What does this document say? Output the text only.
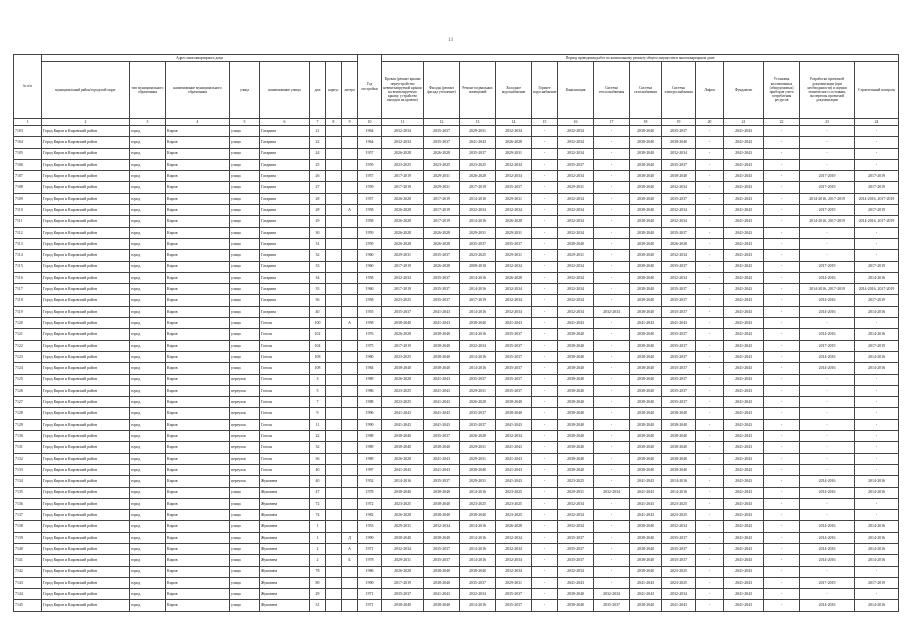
13
№ п/п	Адрес многоквартирного дома								Год постройки	Период проведения работ по капитальному ремонту общего имущества в многоквартирном доме													
	муниципальный район/городской округ	тип муниципального образования	наименование муниципального образования	улица	наименование улицы	дом	корпус	литера		Кровля (ремонт крыши переустройство невентилируемой крыши на вентилируемую крышу, устройство выходов на кровлю)	Фасады (ремонт фасада утепление)	Ремонт подвальных помещений	Холодное водоснабжение	Горячее водоснабжение	Канализация	Система теплоснабжения	Система газоснабжения	Система электроснабжения	Лифты	Фундамент	Установка коллективных (общедомовых) приборов учета потребления ресурсов	Разработка проектной документации (при необходимости) и оценки технического состояния, экспертизы проектной документации	Строительный контроль
1	2	3	4	5	6	7	8	9	10	11	12	13	14	15	16	17	18	19	20	21	22	23	24
7103	Город Киров и Кировский район	город	Киров	улица	Гагарина	21			1964	2032-2034	2035-2037	2029-2031	2032-2034	-	2032-2034	-	2038-2040	2035-2037	-	2041-2043	-	-	-
7104	Город Киров и Кировский район	город	Киров	улица	Гагарина	22			1964	2032-2034	2035-2037	2041-2043	2026-2028	-	2032-2034	-	2038-2040	2038-2040	-	2041-2043	-	-	-
7105	Город Киров и Кировский район	город	Киров	улица	Гагарина	24			1957	2026-2028	2026-2028	2035-2037	2029-2031	-	2032-2034	-	2038-2040	2032-2034	-	2041-2043	-	-	-
7106	Город Киров и Кировский район	город	Киров	улица	Гагарина	25			1959	2023-2025	2023-2025	2023-2025	2032-2034	-	2035-2037	-	2038-2040	2035-2037	-	2041-2043	-	-	-
7107	Город Киров и Кировский район	город	Киров	улица	Гагарина	26			1957	2017-2019	2029-2031	2026-2028	2032-2034	-	2032-2034	-	2038-2040	2038-2040	-	2041-2043	-	2017-2019	2017-2019
7108	Город Киров и Кировский район	город	Киров	улица	Гагарина	27			1959	2017-2019	2029-2031	2017-2019	2035-2037	-	2029-2031	-	2038-2040	2032-2034	-	2041-2043	-	2017-2019	2017-2019
7109	Город Киров и Кировский район	город	Киров	улица	Гагарина	28			1957	2026-2028	2017-2019	2014-2016	2029-2031	-	2032-2034	-	2038-2040	2035-2037	-	2041-2043	-	2014-2016, 2017-2019	2014-2016, 2017-2019
7110	Город Киров и Кировский район	город	Киров	улица	Гагарина	28		А	1958	2026-2028	2017-2019	2032-2034	2032-2034	-	2032-2034	-	2038-2040	2032-2034	-	2041-2043	-	2017-2019	2017-2019
7111	Город Киров и Кировский район	город	Киров	улица	Гагарина	29			1958	2026-2028	2017-2019	2014-2016	2026-2028	-	2032-2034	-	2038-2040	2032-2034	-	2041-2043	-	2014-2016, 2017-2019	2014-2016, 2017-2019
7112	Город Киров и Кировский район	город	Киров	улица	Гагарина	30			1959	2026-2028	2026-2028	2029-2031	2029-2031	-	2032-2034	-	2038-2040	2035-2037	-	2041-2043	-	-	-
7113	Город Киров и Кировский район	город	Киров	улица	Гагарина	31			1959	2026-2028	2026-2028	2035-2037	2035-2037	-	2038-2040	-	2038-2040	2026-2028	-	2041-2043	-	-	-
7114	Город Киров и Кировский район	город	Киров	улица	Гагарина	32			1960	2029-2031	2035-2037	2023-2025	2029-2031	-	2029-2031	-	2038-2040	2032-2034	-	2041-2043	-	-	-
7115	Город Киров и Кировский район	город	Киров	улица	Гагарина	33			1960	2017-2019	2026-2028	2008-2010	2032-2034	-	2032-2034	-	2038-2040	2035-2037	-	2041-2043	-	2017-2019	2017-2019
7116	Город Киров и Кировский район	город	Киров	улица	Гагарина	34			1958	2032-2034	2035-2037	2014-2016	2026-2028	-	2032-2034	-	2038-2040	2032-2034	-	2041-2043	-	2014-2016	2014-2016
7117	Город Киров и Кировский район	город	Киров	улица	Гагарина	35			1960	2017-2019	2035-2037	2014-2016	2032-2034	-	2032-2034	-	2038-2040	2035-2037	-	2041-2043	-	2014-2016, 2017-2019	2014-2016, 2017-2019
7118	Город Киров и Кировский район	город	Киров	улица	Гагарина	36			1958	2023-2025	2035-2037	2017-2019	2032-2034	-	2032-2034	-	2038-2040	2035-2037	-	2041-2043	-	2014-2016	2017-2019
7119	Город Киров и Кировский район	город	Киров	улица	Гагарина	40			1955	2035-2037	2041-2043	2014-2016	2032-2034	-	2032-2034	2032-2034	2038-2040	2035-2037	-	2041-2043	-	2014-2016	2014-2016
7120	Город Киров и Кировский район	город	Киров	улица	Гоголя	100		А	1958	2038-2040	2041-2043	2038-2040	2041-2043	-	2041-2043	-	2041-2043	2041-2043	-	2041-2043	-	-	-
7121	Город Киров и Кировский район	город	Киров	улица	Гоголя	102			1976	2026-2028	2038-2040	2014-2016	2035-2037	-	2038-2040	-	2038-2040	2035-2037	-	2041-2043	-	2014-2016	2014-2016
7122	Город Киров и Кировский район	город	Киров	улица	Гоголя	104			1975	2017-2019	2038-2040	2032-2034	2035-2037	-	2038-2040	-	2038-2040	2035-2037	-	2041-2043	-	2017-2019	2017-2019
7123	Город Киров и Кировский район	город	Киров	улица	Гоголя	108			1980	2023-2025	2038-2040	2014-2016	2035-2037	-	2038-2040	-	2038-2040	2035-2037	-	2041-2043	-	2014-2016	2014-2016
7124	Город Киров и Кировский район	город	Киров	улица	Гоголя	108			1984	2038-2040	2038-2040	2014-2016	2035-2037	-	2038-2040	-	2038-2040	2035-2037	-	2041-2043	-	2014-2016	2014-2016
7125	Город Киров и Кировский район	город	Киров	переулок	Гоголя	3			1989	2026-2028	2041-2043	2035-2037	2035-2037	-	2038-2040	-	2038-2040	2035-2037	-	2041-2043	-	-	-
7126	Город Киров и Кировский район	город	Киров	переулок	Гоголя	5			1986	2023-2025	2041-2043	2029-2031	2035-2037	-	2038-2040	-	2038-2040	2035-2037	-	2041-2043	-	-	-
7127	Город Киров и Кировский район	город	Киров	переулок	Гоголя	7			1988	2023-2025	2041-2043	2026-2028	2038-2040	-	2038-2040	-	2038-2040	2035-2037	-	2041-2043	-	-	-
7128	Город Киров и Кировский район	город	Киров	переулок	Гоголя	9			1996	2041-2043	2041-2043	2035-2037	2038-2040	-	2038-2040	-	2038-2040	2038-2040	-	2041-2043	-	-	-
7129	Город Киров и Кировский район	город	Киров	переулок	Гоголя	11			1990	2041-2043	2041-2043	2035-2037	2041-2043	-	2038-2040	-	2038-2040	2038-2040	-	2041-2043	-	-	-
7130	Город Киров и Кировский район	город	Киров	переулок	Гоголя	22			1988	2038-2040	2035-2037	2026-2028	2032-2034	-	2038-2040	-	2038-2040	2038-2040	-	2041-2043	-	-	-
7131	Город Киров и Кировский район	город	Киров	переулок	Гоголя	32			1989	2038-2040	2038-2040	2029-2031	2041-2043	-	2038-2040	-	2038-2040	2038-2040	-	2041-2043	-	-	-
7132	Город Киров и Кировский район	город	Киров	переулок	Гоголя	36			1989	2026-2028	2041-2043	2029-2031	2041-2043	-	2038-2040	-	2038-2040	2038-2040	-	2041-2043	-	-	-
7133	Город Киров и Кировский район	город	Киров	переулок	Гоголя	40			1997	2041-2043	2041-2043	2038-2040	2041-2043	-	2038-2040	-	2038-2040	2038-2040	-	2041-2043	-	-	-
7134	Город Киров и Кировский район	город	Киров	переулок	Жуковена	40			1952	2014-2016	2035-2037	2029-2031	2041-2043	-	2023-2025	-	2041-2043	2014-2016	-	2041-2043	-	2014-2016	2014-2016
7135	Город Киров и Кировский район	город	Киров	улица	Жуковена	47			1978	2038-2040	2038-2040	2014-2016	2023-2025	-	2029-2031	2032-2034	2041-2043	2014-2016	-	2041-2043	-	2014-2016	2014-2016
7136	Город Киров и Кировский район	город	Киров	улица	Жуковена	72			1972	2023-2025	2038-2040	2023-2025	2023-2025	-	2032-2034	-	2041-2043	2023-2025	-	2041-2043	-	-	-
7137	Город Киров и Кировский район	город	Киров	улица	Жуковена	74			1982	2026-2028	2038-2040	2038-2040	2023-2025	-	2032-2034	-	2041-2043	2023-2025	-	2041-2043	-	-	-
7138	Город Киров и Кировский район	город	Киров	улица	Жуковена	1			1953	2029-2031	2032-2034	2014-2016	2026-2028	-	2032-2034	-	2038-2040	2032-2034	-	2041-2043	-	2014-2016	2014-2016
7139	Город Киров и Кировский район	город	Киров	улица	Жуковена	1		Д	1990	2038-2040	2038-2040	2014-2016	2032-2034	-	2035-2037	-	2038-2040	2035-2037	-	2041-2043	-	2014-2016	2014-2016
7140	Город Киров и Кировский район	город	Киров	улица	Жуковена	2		А	1971	2032-2034	2035-2037	2014-2016	2032-2034	-	2035-2037	-	2038-2040	2035-2037	-	2041-2043	-	2014-2016	2014-2016
7141	Город Киров и Кировский район	город	Киров	улица	Жуковена	2		Б	1978	2029-2031	2035-2037	2014-2016	2032-2034	-	2035-2037	-	2038-2040	2035-2037	-	2041-2043	-	2014-2016	2014-2016
7142	Город Киров и Кировский район	город	Киров	улица	Жуковена	78			1986	2026-2028	2038-2040	2038-2040	2032-2034	-	2032-2034	-	2038-2040	2023-2025	-	2041-2043	-	-	-
7143	Город Киров и Кировский район	город	Киров	улица	Жуковена	80			1990	2017-2019	2038-2040	2035-2037	2029-2031	-	2041-2043	-	2041-2043	2023-2025	-	2041-2043	-	2017-2019	2017-2019
7144	Город Киров и Кировский район	город	Киров	улица	Жуковена	29			1971	2035-2037	2041-2043	2032-2034	2035-2037	-	2038-2040	2032-2034	2041-2043	2032-2034	-	2041-2043	-	-	-
7145	Город Киров и Кировский район	город	Киров	улица	Жуковена	31			1971	2038-2040	2038-2040	2014-2016	2035-2037	-	2038-2040	2035-2037	2038-2040	2041-2043	-	2041-2043	-	2014-2016	2014-2016
